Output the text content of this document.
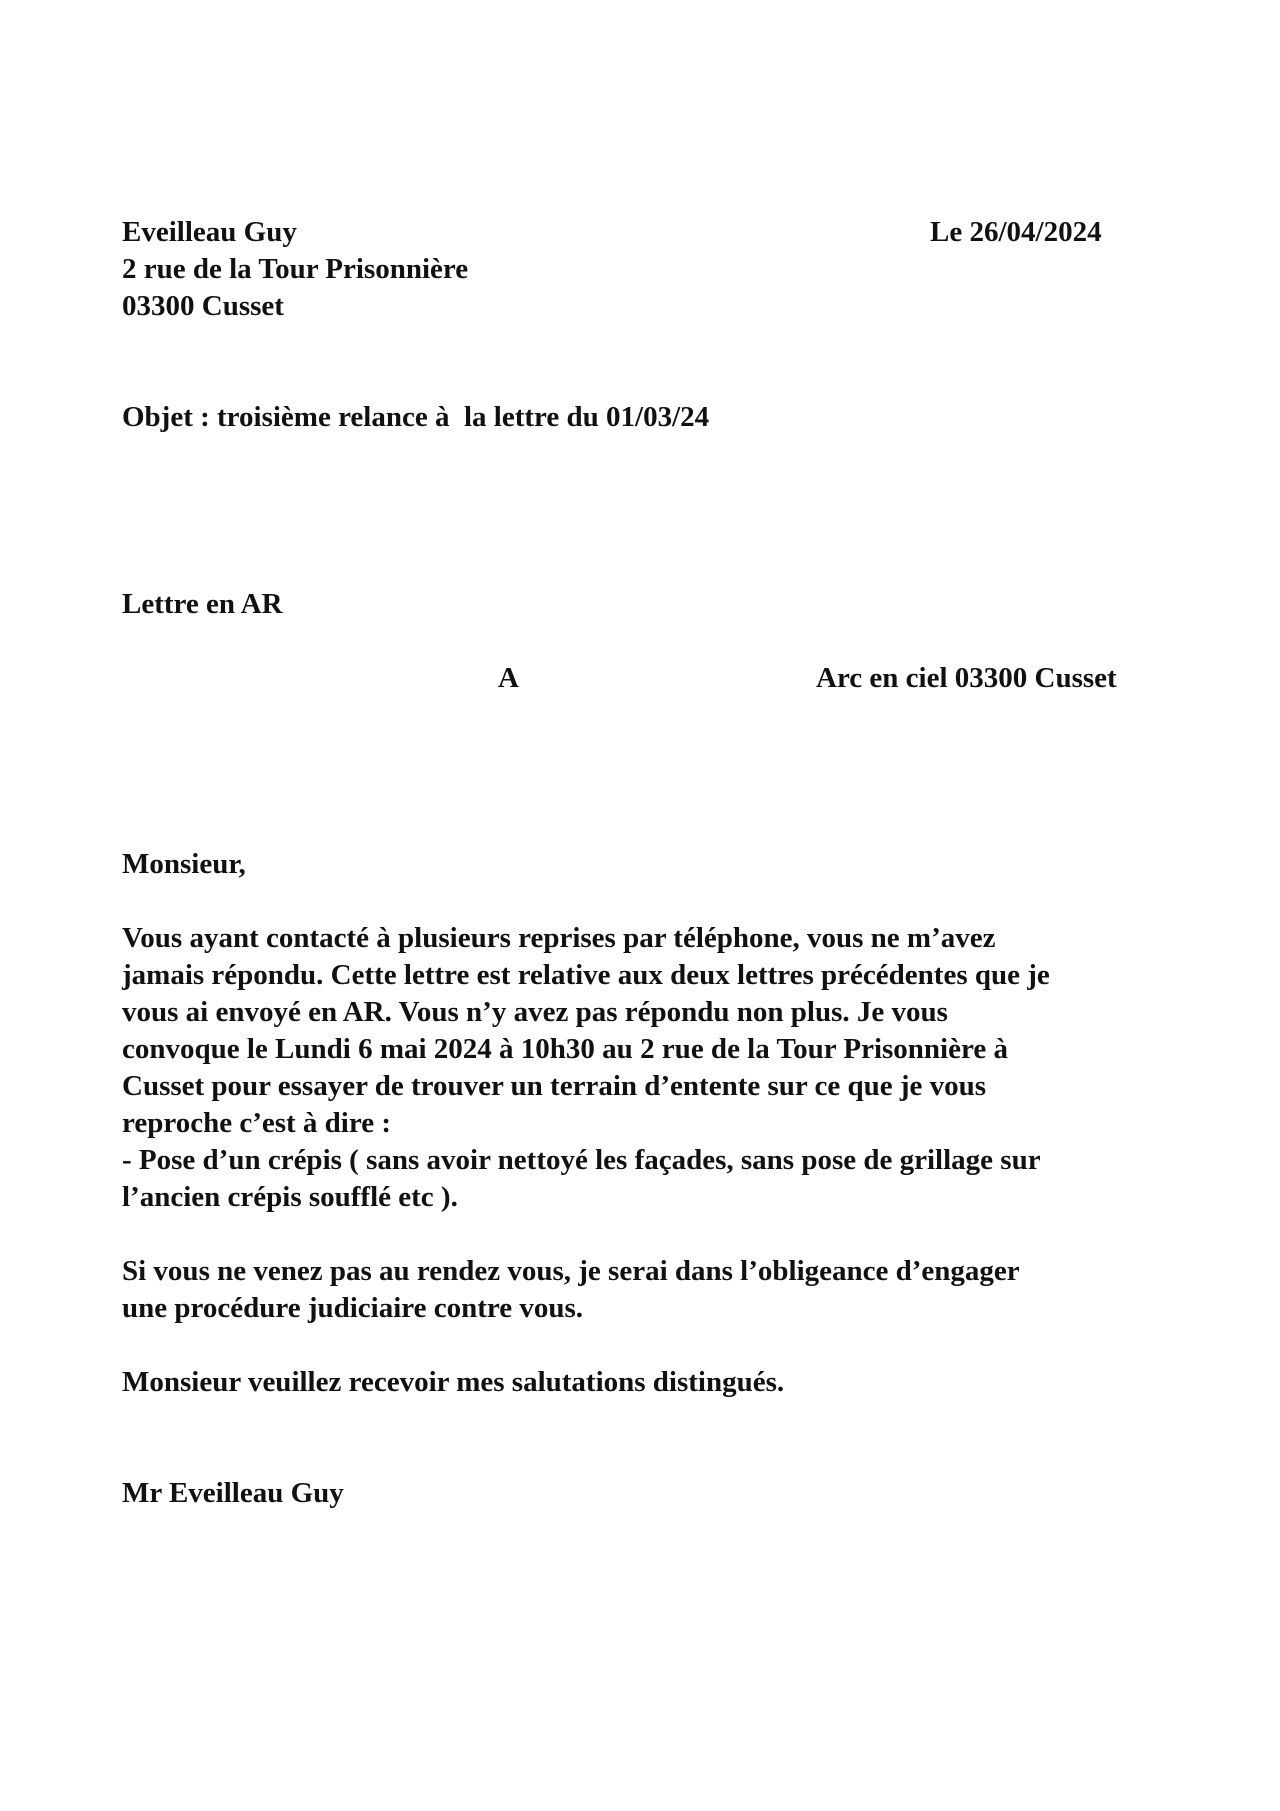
Eveilleau Guy
2 rue de la Tour Prisonnière
03300 Cusset
Le 26/04/2024
Objet : troisième relance à  la lettre du 01/03/24
Lettre en AR
A	Arc en ciel 03300 Cusset
Monsieur,
Vous ayant contacté à plusieurs reprises par téléphone, vous ne m’avez
jamais répondu. Cette lettre est relative aux deux lettres précédentes que je
vous ai envoyé en AR. Vous n’y avez pas répondu non plus. Je vous
convoque le Lundi 6 mai 2024 à 10h30 au 2 rue de la Tour Prisonnière à
Cusset pour essayer de trouver un terrain d’entente sur ce que je vous
reproche c’est à dire :
- Pose d’un crépis ( sans avoir nettoyé les façades, sans pose de grillage sur
l’ancien crépis soufflé etc ).
Si vous ne venez pas au rendez vous, je serai dans l’obligeance d’engager
une procédure judiciaire contre vous.
Monsieur veuillez recevoir mes salutations distingués.
Mr Eveilleau Guy
